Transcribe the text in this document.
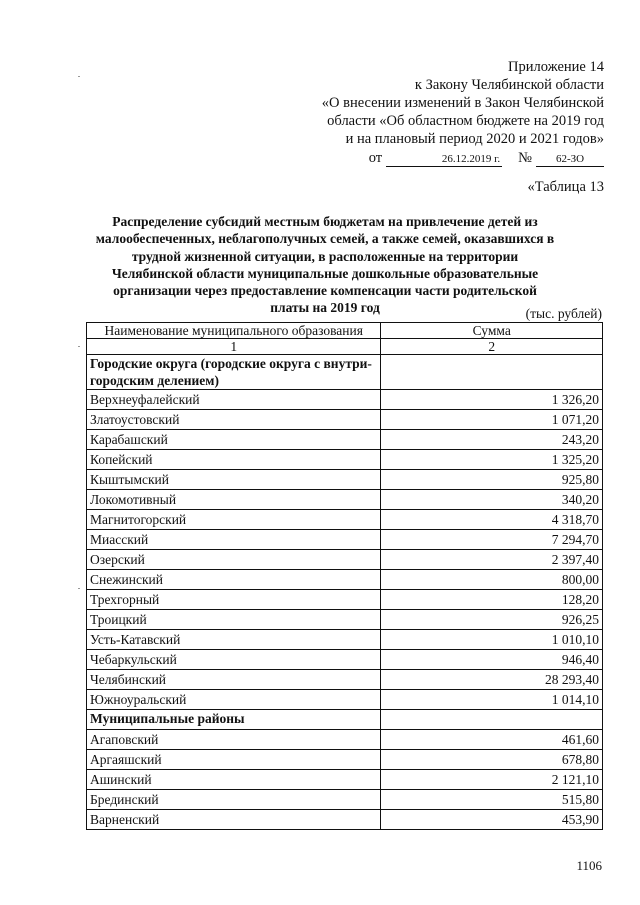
Приложение 14
к Закону Челябинской области
«О внесении изменений в Закон Челябинской
области «Об областном бюджете на 2019 год
и на плановый период 2020 и 2021 годов»
от	26.12.2019 г. №	62-ЗО
«Таблица 13
Распределение субсидий местным бюджетам на привлечение детей из малообеспеченных, неблагополучных семей, а также семей, оказавшихся в трудной жизненной ситуации, в расположенные на территории Челябинской области муниципальные дошкольные образовательные организации через предоставление компенсации части родительской платы на 2019 год	(тыс. рублей)
Наименование муниципального образования	Сумма
1	2
Городские округа (городские округа с внутри-городским делением)	
Верхнеуфалейский	1 326,20
Златоустовский	1 071,20
Карабашский	243,20
Копейский	1 325,20
Кыштымский	925,80
Локомотивный	340,20
Магнитогорский	4 318,70
Миасский	7 294,70
Озерский	2 397,40
Снежинский	800,00
Трехгорный	128,20
Троицкий	926,25
Усть-Катавский	1 010,10
Чебаркульский	946,40
Челябинский	28 293,40
Южноуральский	1 014,10
Муниципальные районы	
Агаповский	461,60
Аргаяшский	678,80
Ашинский	2 121,10
Брединский	515,80
Варненский	453,90
1106
